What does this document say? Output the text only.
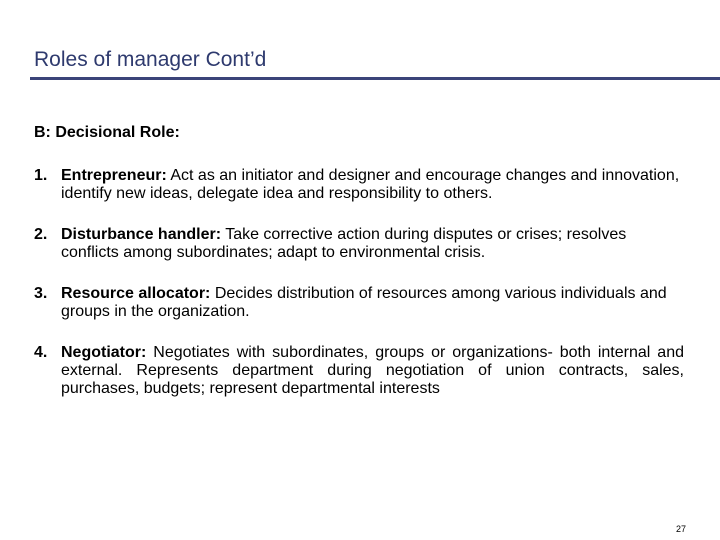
Roles of manager Cont’d
B: Decisional Role:
1. Entrepreneur: Act as an initiator and designer and encourage changes and innovation, identify new ideas, delegate idea and responsibility to others.
2. Disturbance handler: Take corrective action during disputes or crises; resolves conflicts among subordinates; adapt to environmental crisis.
3. Resource allocator: Decides distribution of resources among various individuals and groups in the organization.
4. Negotiator: Negotiates with subordinates, groups or organizations- both internal and external. Represents department during negotiation of union contracts, sales, purchases, budgets; represent departmental interests
27
